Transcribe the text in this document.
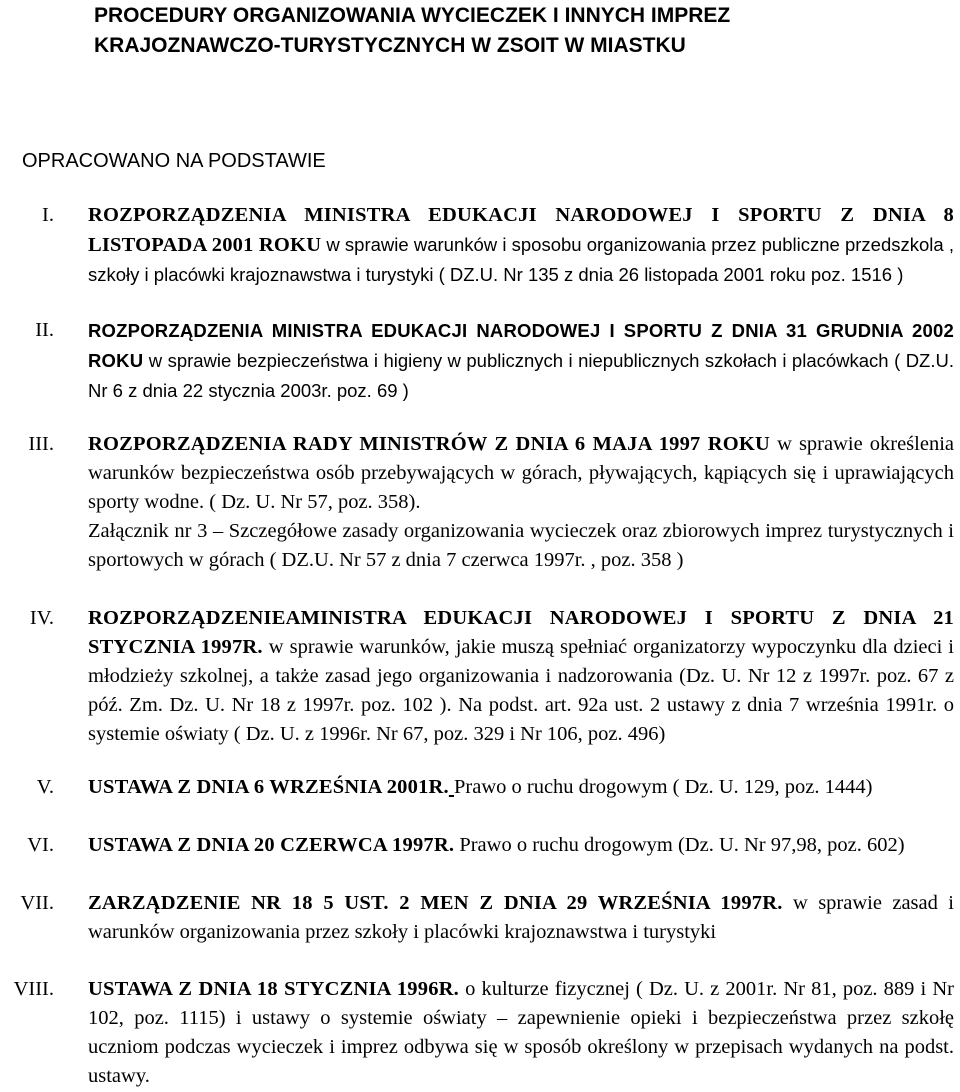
PROCEDURY ORGANIZOWANIA WYCIECZEK I INNYCH IMPREZ
KRAJOZNAWCZO-TURYSTYCZNYCH W ZSOIT W MIASTKU

OPRACOWANO NA PODSTAWIE

I. ROZPORZĄDZENIA MINISTRA EDUKACJI NARODOWEJ I SPORTU Z DNIA 8 LISTOPADA 2001 ROKU w sprawie warunków i sposobu organizowania przez publiczne przedszkola , szkoły i placówki krajoznawstwa i turystyki ( DZ.U. Nr 135 z dnia 26 listopada 2001 roku poz. 1516 )
II. ROZPORZĄDZENIA MINISTRA EDUKACJI NARODOWEJ I SPORTU Z DNIA 31 GRUDNIA 2002 ROKU w sprawie bezpieczeństwa i higieny w publicznych i niepublicznych szkołach i placówkach ( DZ.U. Nr 6 z dnia 22 stycznia 2003r. poz. 69 )
III. ROZPORZĄDZENIA RADY MINISTRÓW Z DNIA 6 MAJA 1997 ROKU w sprawie określenia warunków bezpieczeństwa osób przebywających w górach, pływających, kąpiących się i uprawiających sporty wodne. ( Dz. U. Nr 57, poz. 358).
Załącznik nr 3 – Szczegółowe zasady organizowania wycieczek oraz zbiorowych imprez turystycznych i sportowych w górach ( DZ.U. Nr 57 z dnia 7 czerwca 1997r. , poz. 358 )
IV. ROZPORZĄDZENIEAMINISTRA EDUKACJI NARODOWEJ I SPORTU Z DNIA 21 STYCZNIA 1997R. w sprawie warunków, jakie muszą spełniać organizatorzy wypoczynku dla dzieci i młodzieży szkolnej, a także zasad jego organizowania i nadzorowania (Dz. U. Nr 12 z 1997r. poz. 67 z póź. Zm. Dz. U. Nr 18 z 1997r. poz. 102 ). Na podst. art. 92a ust. 2 ustawy z dnia 7 września 1991r. o systemie oświaty ( Dz. U. z 1996r. Nr 67, poz. 329 i Nr 106, poz. 496)
V. USTAWA Z DNIA 6 WRZEŚNIA 2001R. Prawo o ruchu drogowym ( Dz. U. 129, poz. 1444)
VI. USTAWA Z DNIA 20 CZERWCA 1997R. Prawo o ruchu drogowym (Dz. U. Nr 97,98, poz. 602)
VII. ZARZĄDZENIE NR 18 5 UST. 2 MEN Z DNIA 29 WRZEŚNIA 1997R. w sprawie zasad i warunków organizowania przez szkoły i placówki krajoznawstwa i turystyki
VIII. USTAWA Z DNIA 18 STYCZNIA 1996R. o kulturze fizycznej ( Dz. U. z 2001r. Nr 81, poz. 889 i Nr 102, poz. 1115) i ustawy o systemie oświaty – zapewnienie opieki i bezpieczeństwa przez szkołę uczniom podczas wycieczek i imprez odbywa się w sposób określony w przepisach wydanych na podst. ustawy.
